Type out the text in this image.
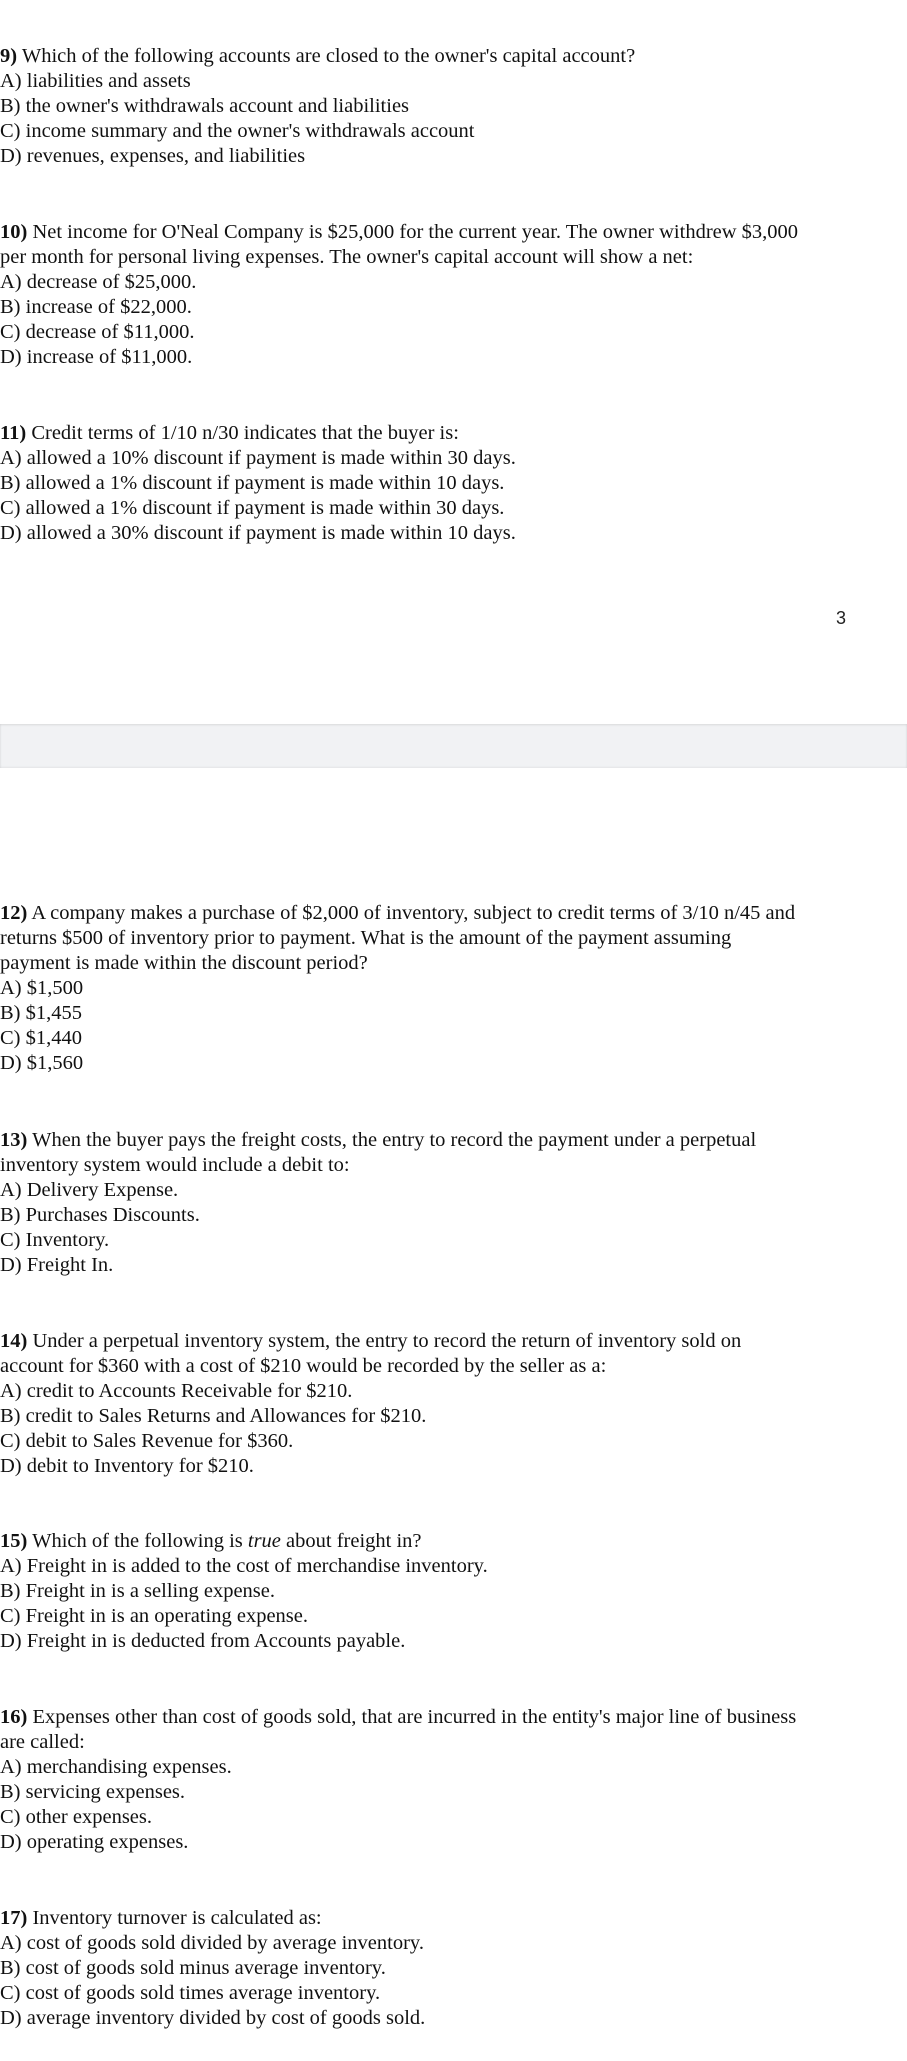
9) Which of the following accounts are closed to the owner's capital account?
A) liabilities and assets
B) the owner's withdrawals account and liabilities
C) income summary and the owner's withdrawals account
D) revenues, expenses, and liabilities
10) Net income for O'Neal Company is $25,000 for the current year. The owner withdrew $3,000
per month for personal living expenses. The owner's capital account will show a net:
A) decrease of $25,000.
B) increase of $22,000.
C) decrease of $11,000.
D) increase of $11,000.
11) Credit terms of 1/10 n/30 indicates that the buyer is:
A) allowed a 10% discount if payment is made within 30 days.
B) allowed a 1% discount if payment is made within 10 days.
C) allowed a 1% discount if payment is made within 30 days.
D) allowed a 30% discount if payment is made within 10 days.
3
12) A company makes a purchase of $2,000 of inventory, subject to credit terms of 3/10 n/45 and
returns $500 of inventory prior to payment. What is the amount of the payment assuming
payment is made within the discount period?
A) $1,500
B) $1,455
C) $1,440
D) $1,560
13) When the buyer pays the freight costs, the entry to record the payment under a perpetual
inventory system would include a debit to:
A) Delivery Expense.
B) Purchases Discounts.
C) Inventory.
D) Freight In.
14) Under a perpetual inventory system, the entry to record the return of inventory sold on
account for $360 with a cost of $210 would be recorded by the seller as a:
A) credit to Accounts Receivable for $210.
B) credit to Sales Returns and Allowances for $210.
C) debit to Sales Revenue for $360.
D) debit to Inventory for $210.
15) Which of the following is true about freight in?
A) Freight in is added to the cost of merchandise inventory.
B) Freight in is a selling expense.
C) Freight in is an operating expense.
D) Freight in is deducted from Accounts payable.
16) Expenses other than cost of goods sold, that are incurred in the entity's major line of business
are called:
A) merchandising expenses.
B) servicing expenses.
C) other expenses.
D) operating expenses.
17) Inventory turnover is calculated as:
A) cost of goods sold divided by average inventory.
B) cost of goods sold minus average inventory.
C) cost of goods sold times average inventory.
D) average inventory divided by cost of goods sold.
